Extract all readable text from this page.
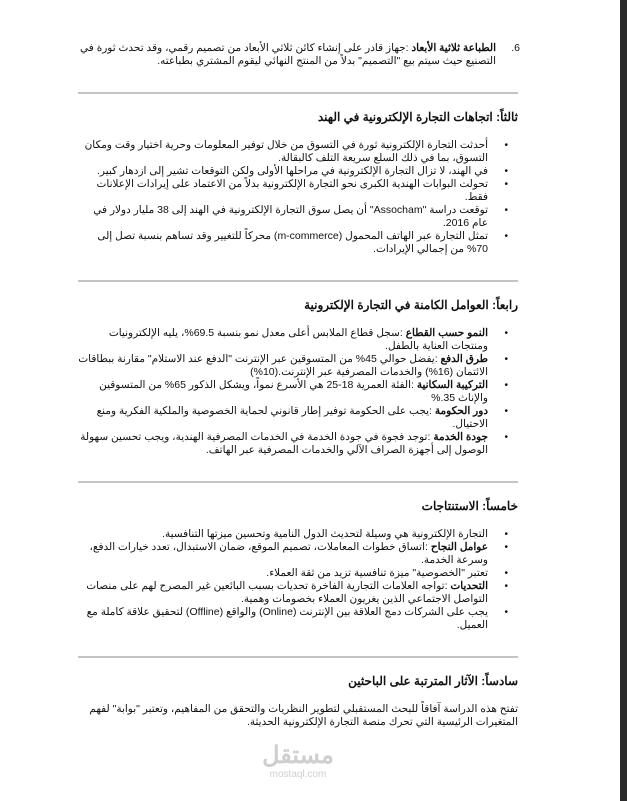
6.
الطباعة ثلاثية الأبعاد :جهاز قادر على إنشاء كائن ثلاثي الأبعاد من تصميم رقمي، وقد تحدث ثورة في التصنيع حيث سيتم بيع "التصميم" بدلاً من المنتج النهائي ليقوم المشتري بطباعته.
ثالثاً: اتجاهات التجارة الإلكترونية في الهند
• أحدثت التجارة الإلكترونية ثورة في التسوق من خلال توفير المعلومات وحرية اختيار وقت ومكان التسوق، بما في ذلك السلع سريعة التلف كالبقالة.
• في الهند، لا تزال التجارة الإلكترونية في مراحلها الأولى ولكن التوقعات تشير إلى ازدهار كبير.
• تحولت البوابات الهندية الكبرى نحو التجارة الإلكترونية بدلاً من الاعتماد على إيرادات الإعلانات فقط.
• توقعت دراسة "Assocham" أن يصل سوق التجارة الإلكترونية في الهند إلى 38 مليار دولار في عام 2016.
• تمثل التجارة عبر الهاتف المحمول (m-commerce) محركاً للتغيير وقد تساهم بنسبة تصل إلى 70% من إجمالي الإيرادات.
رابعاً: العوامل الكامنة في التجارة الإلكترونية
• النمو حسب القطاع :سجل قطاع الملابس أعلى معدل نمو بنسبة 69.5%، يليه الإلكترونيات ومنتجات العناية بالطفل.
• طرق الدفع :يفضل حوالي 45% من المتسوقين عبر الإنترنت "الدفع عند الاستلام" مقارنة ببطاقات الائتمان (16%) والخدمات المصرفية عبر الإنترنت.(10%)
• التركيبة السكانية :الفئة العمرية 18-25 هي الأسرع نمواً، ويشكل الذكور 65% من المتسوقين والإناث 35.%
• دور الحكومة :يجب على الحكومة توفير إطار قانوني لحماية الخصوصية والملكية الفكرية ومنع الاحتيال.
• جودة الخدمة :توجد فجوة في جودة الخدمة في الخدمات المصرفية الهندية، ويجب تحسين سهولة الوصول إلى أجهزة الصراف الآلي والخدمات المصرفية عبر الهاتف.
خامساً: الاستنتاجات
• التجارة الإلكترونية هي وسيلة لتحديث الدول النامية وتحسين ميزتها التنافسية.
• عوامل النجاح :اتساق خطوات المعاملات، تصميم الموقع، ضمان الاستبدال، تعدد خيارات الدفع، وسرعة الخدمة.
• تعتبر "الخصوصية" ميزة تنافسية تزيد من ثقة العملاء.
• التحديات :تواجه العلامات التجارية الفاخرة تحديات بسبب البائعين غير المصرح لهم على منصات التواصل الاجتماعي الذين يغريون العملاء بخصومات وهمية.
• يجب على الشركات دمج العلاقة بين الإنترنت (Online) والواقع (Offline) لتحقيق علاقة كاملة مع العميل.
سادساً: الآثار المترتبة على الباحثين

تفتح هذه الدراسة آفاقاً للبحث المستقبلي لتطوير النظريات والتحقق من المفاهيم، وتعتبر "بوابة" لفهم المتغيرات الرئيسية التي تحرك منصة التجارة الإلكترونية الحديثة.

مستقل
mostaql.com
